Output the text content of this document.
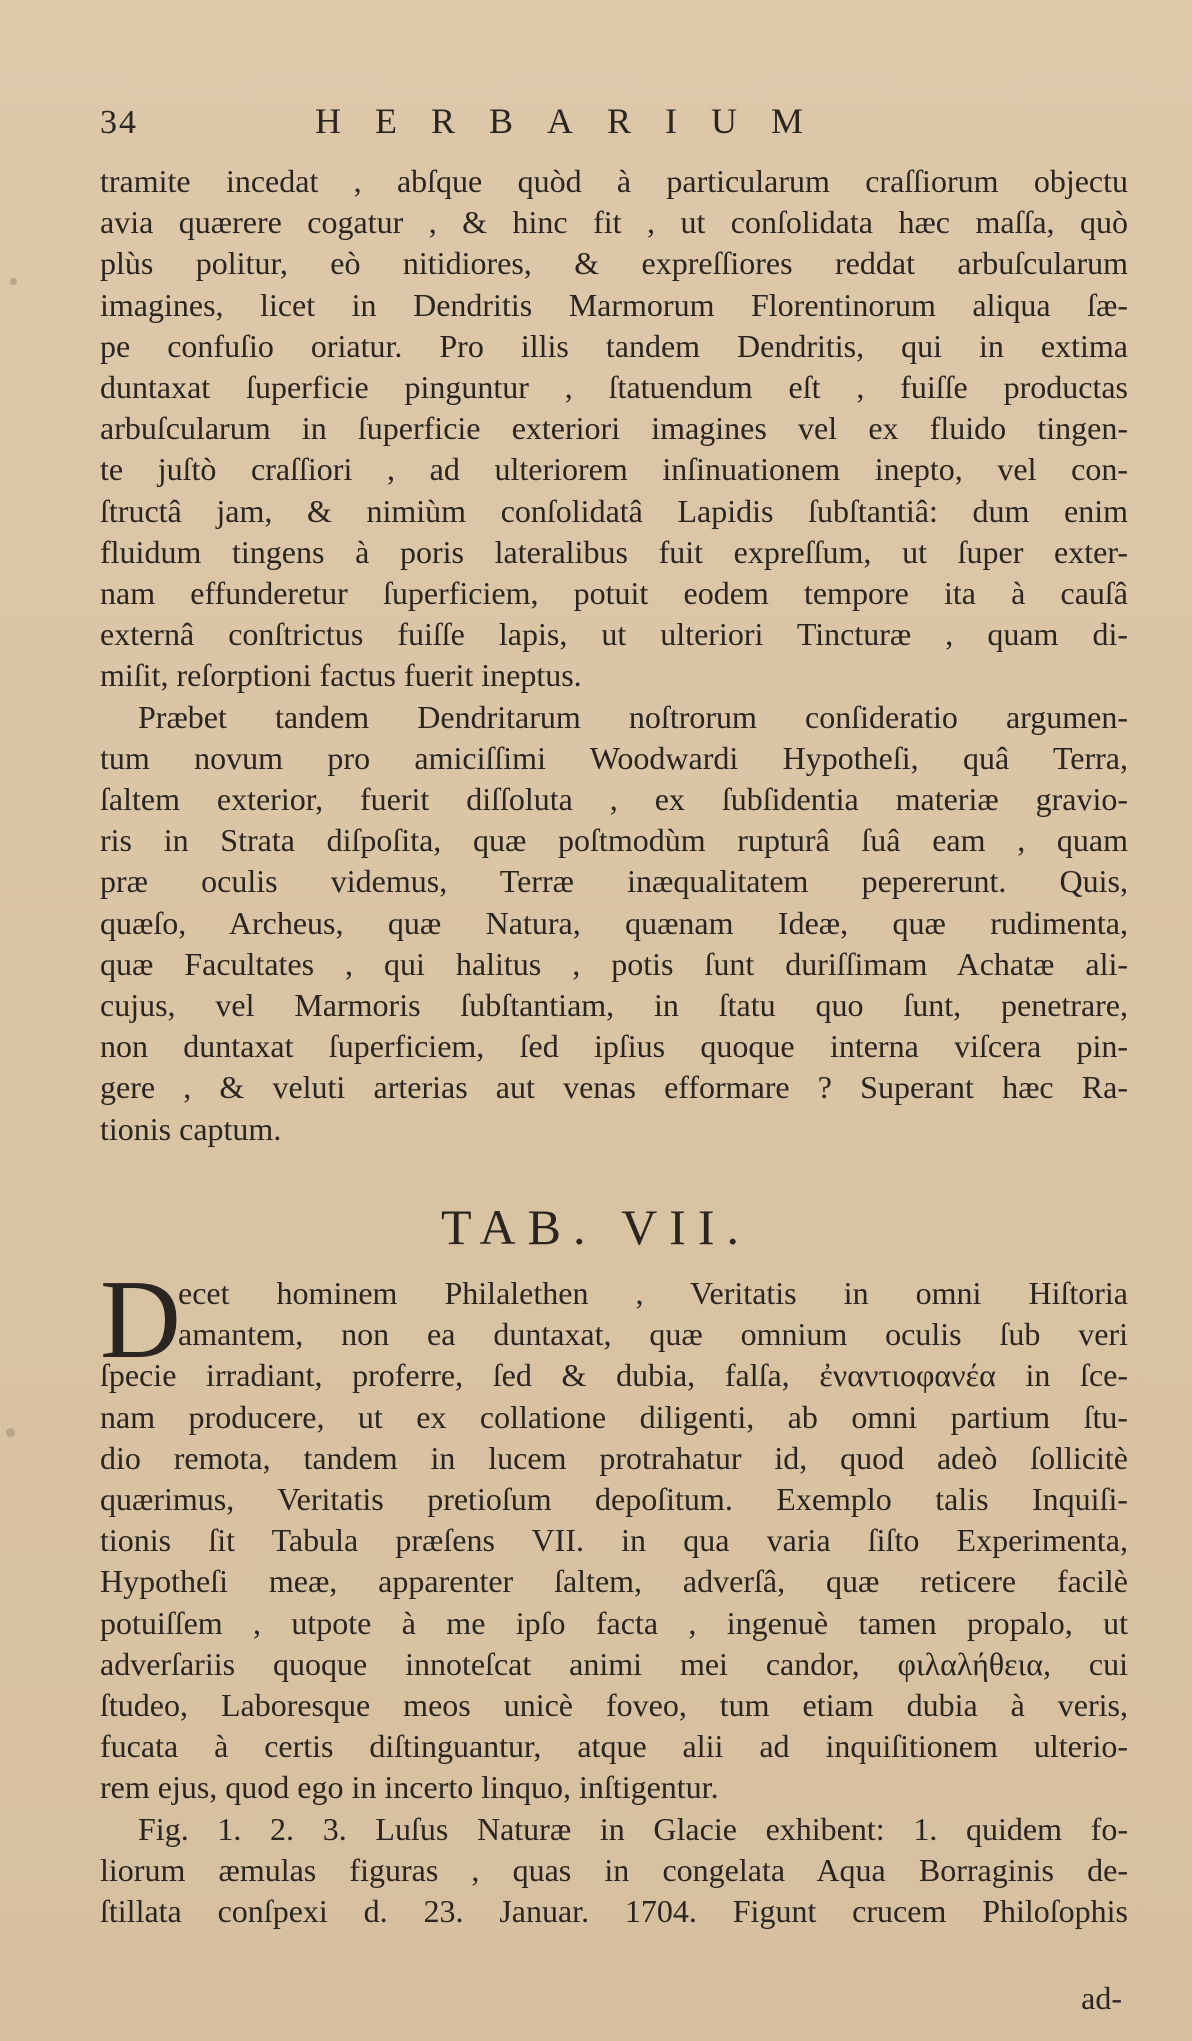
34	HERBARIUM
tramite incedat , abſque quòd à particularum craſſiorum objectu
avia quærere cogatur , & hinc fit , ut conſolidata hæc maſſa, quò
plùs politur, eò nitidiores, & expreſſiores reddat arbuſcularum
imagines, licet in Dendritis Marmorum Florentinorum aliqua ſæ-
pe confuſio oriatur. Pro illis tandem Dendritis, qui in extima
duntaxat ſuperficie pinguntur , ſtatuendum eſt , fuiſſe productas
arbuſcularum in ſuperficie exteriori imagines vel ex fluido tingen-
te juſtò craſſiori , ad ulteriorem inſinuationem inepto, vel con-
ſtructâ jam, & nimiùm conſolidatâ Lapidis ſubſtantiâ: dum enim
fluidum tingens à poris lateralibus fuit expreſſum, ut ſuper exter-
nam effunderetur ſuperficiem, potuit eodem tempore ita à cauſâ
externâ conſtrictus fuiſſe lapis, ut ulteriori Tincturæ , quam di-
miſit, reſorptioni factus fuerit ineptus.
Præbet tandem Dendritarum noſtrorum conſideratio argumen-
tum novum pro amiciſſimi Woodwardi Hypotheſi, quâ Terra,
ſaltem exterior, fuerit diſſoluta , ex ſubſidentia materiæ gravio-
ris in Strata diſpoſita, quæ poſtmodùm rupturâ ſuâ eam , quam
præ oculis videmus, Terræ inæqualitatem pepererunt. Quis,
quæſo, Archeus, quæ Natura, quænam Ideæ, quæ rudimenta,
quæ Facultates , qui halitus , potis ſunt duriſſimam Achatæ ali-
cujus, vel Marmoris ſubſtantiam, in ſtatu quo ſunt, penetrare,
non duntaxat ſuperficiem, ſed ipſius quoque interna viſcera pin-
gere , & veluti arterias aut venas efformare ? Superant hæc Ra-
tionis captum.
TAB. VII.
D
ecet hominem Philalethen , Veritatis in omni Hiſtoria
amantem, non ea duntaxat, quæ omnium oculis ſub veri
ſpecie irradiant, proferre, ſed & dubia, falſa, ἐναντιοφανέα in ſce-
nam producere, ut ex collatione diligenti, ab omni partium ſtu-
dio remota, tandem in lucem protrahatur id, quod adeò ſollicitè
quærimus, Veritatis pretioſum depoſitum. Exemplo talis Inquiſi-
tionis ſit Tabula præſens VII. in qua varia ſiſto Experimenta,
Hypotheſi meæ, apparenter ſaltem, adverſâ, quæ reticere facilè
potuiſſem , utpote à me ipſo facta , ingenuè tamen propalo, ut
adverſariis quoque innoteſcat animi mei candor, φιλαλήθεια, cui
ſtudeo, Laboresque meos unicè foveo, tum etiam dubia à veris,
fucata à certis diſtinguantur, atque alii ad inquiſitionem ulterio-
rem ejus, quod ego in incerto linquo, inſtigentur.
Fig. 1. 2. 3. Luſus Naturæ in Glacie exhibent: 1. quidem fo-
liorum æmulas figuras , quas in congelata Aqua Borraginis de-
ſtillata conſpexi d. 23. Januar. 1704. Figunt crucem Philoſophis
ad-
